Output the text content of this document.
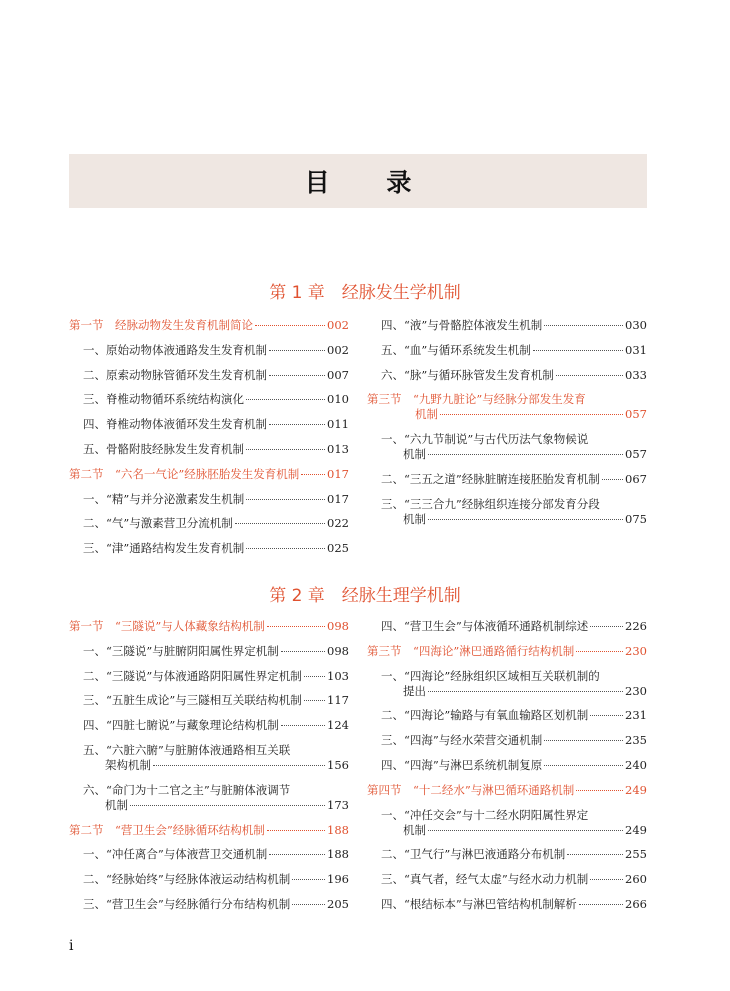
目 录
第 1 章　经脉发生学机制
第 2 章　经脉生理学机制
第一节　经脉动物发生发育机制简论	002
一、原始动物体液通路发生发育机制	002
二、原索动物脉管循环发生发育机制	007
三、脊椎动物循环系统结构演化	010
四、脊椎动物体液循环发生发育机制	011
五、骨骼附肢经脉发生发育机制	013
第二节　“六名一气论”经脉胚胎发生发育机制 017
一、“精”与并分泌激素发生机制	017
二、“气”与激素营卫分流机制	022
三、“津”通路结构发生发育机制	025
四、“液”与骨骼腔体液发生机制	030
五、“血”与循环系统发生机制	031
六、“脉”与循环脉管发生发育机制	033
第三节　“九野九脏论”与经脉分部发生发育
机制	057
一、“六九节制说”与古代历法气象物候说
机制	057
二、“三五之道”经脉脏腑连接胚胎发育机制 067
三、“三三合九”经脉组织连接分部发育分段
机制	075
第一节　“三隧说”与人体藏象结构机制	098
一、“三隧说”与脏腑阴阳属性界定机制	098
二、“三隧说”与体液通路阴阳属性界定机制 103
三、“五脏生成论”与三隧相互关联结构机制 117
四、“四脏七腑说”与藏象理论结构机制	124
五、“六脏六腑”与脏腑体液通路相互关联
架构机制	156
六、“命门为十二官之主”与脏腑体液调节
机制	173
第二节　“营卫生会”经脉循环结构机制	188
一、“冲任离合”与体液营卫交通机制	188
二、“经脉始终”与经脉体液运动结构机制	196
三、“营卫生会”与经脉循行分布结构机制	205
四、“营卫生会”与体液循环通路机制综述	226
第三节　“四海论”淋巴通路循行结构机制	230
一、“四海论”经脉组织区域相互关联机制的
提出	230
二、“四海论”输路与有氧血输路区划机制	231
三、“四海”与经水荣营交通机制	235
四、“四海”与淋巴系统机制复原	240
第四节　“十二经水”与淋巴循环通路机制	249
一、“冲任交会”与十二经水阴阳属性界定
机制	249
二、“卫气行”与淋巴液通路分布机制	255
三、“真气者，经气太虚”与经水动力机制	260
四、“根结标本”与淋巴管结构机制解析	266
i
